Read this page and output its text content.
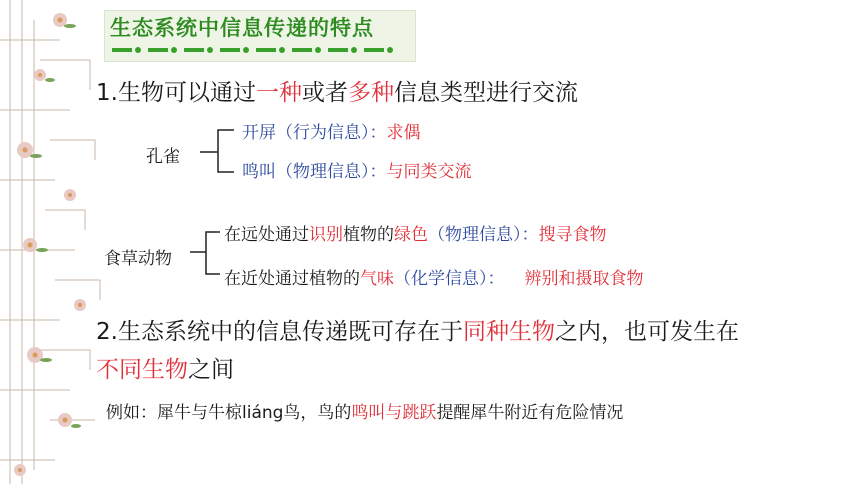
生态系统中信息传递的特点
1.生物可以通过一种或者多种信息类型进行交流
孔雀
开屏（行为信息）：求偶
鸣叫（物理信息）：与同类交流
食草动物
在远处通过识别植物的绿色（物理信息）：搜寻食物
在近处通过植物的气味（化学信息）： 辨别和摄取食物
2.生态系统中的信息传递既可存在于同种生物之内，也可发生在
不同生物之间
例如：犀牛与牛椋liáng鸟，鸟的鸣叫与跳跃提醒犀牛附近有危险情况
